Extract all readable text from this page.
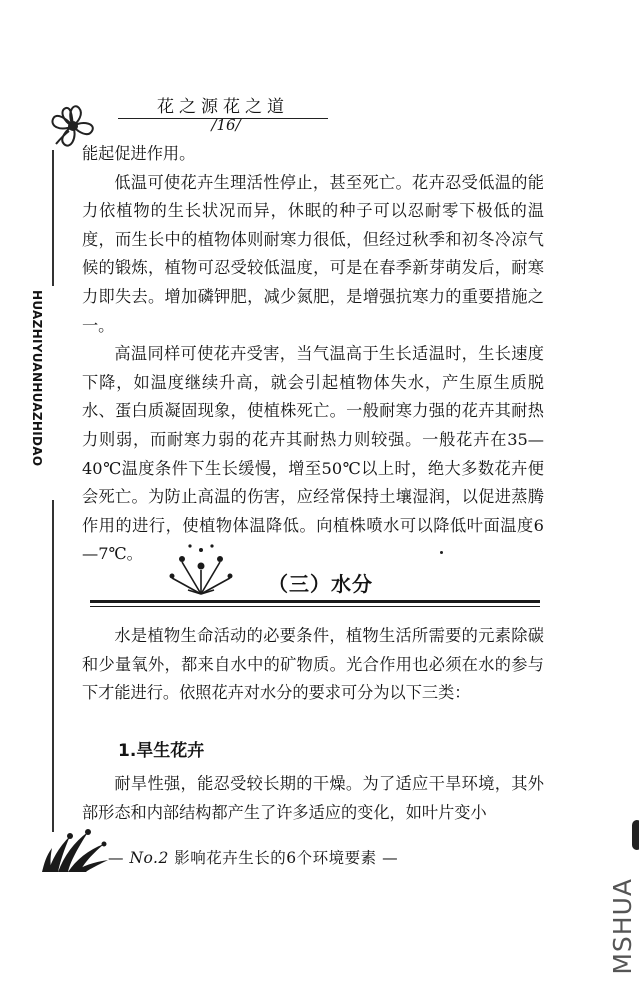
花之源花之道
/16/
HUAZHIYUANHUAZHIDAO

能起促进作用。

低温可使花卉生理活性停止，甚至死亡。花卉忍受低温的能力依植物的生长状况而异，休眠的种子可以忍耐零下极低的温度，而生长中的植物体则耐寒力很低，但经过秋季和初冬冷凉气候的锻炼，植物可忍受较低温度，可是在春季新芽萌发后，耐寒力即失去。增加磷钾肥，减少氮肥，是增强抗寒力的重要措施之一。

高温同样可使花卉受害，当气温高于生长适温时，生长速度下降，如温度继续升高，就会引起植物体失水，产生原生质脱水、蛋白质凝固现象，使植株死亡。一般耐寒力强的花卉其耐热力则弱，而耐寒力弱的花卉其耐热力则较强。一般花卉在35—40℃温度条件下生长缓慢，增至50℃以上时，绝大多数花卉便会死亡。为防止高温的伤害，应经常保持土壤湿润，以促进蒸腾作用的进行，使植物体温降低。向植株喷水可以降低叶面温度6—7℃。

（三）水分

水是植物生命活动的必要条件，植物生活所需要的元素除碳和少量氧外，都来自水中的矿物质。光合作用也必须在水的参与下才能进行。依照花卉对水分的要求可分为以下三类：

1.旱生花卉

耐旱性强，能忍受较长期的干燥。为了适应干旱环境，其外部形态和内部结构都产生了许多适应的变化，如叶片变小

— No.2 影响花卉生长的6个环境要素 —
MSHUA
